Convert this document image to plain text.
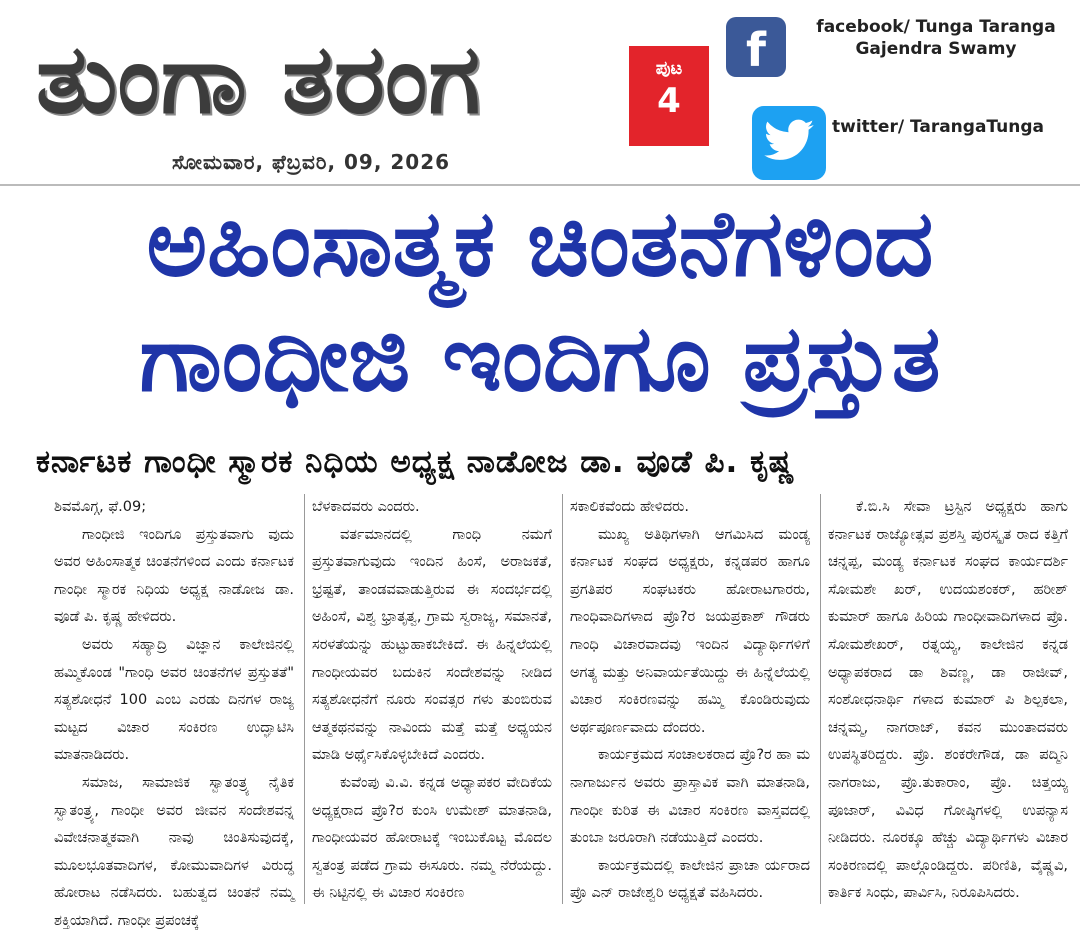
ತುಂಗಾ ತರಂಗ
ಸೋಮವಾರ, ಫೆಬ್ರವರಿ, 09, 2026
ಪುಟ
4
f	facebook/ Tunga Taranga Gajendra Swamy
twitter/ TarangaTunga
ಅಹಿಂಸಾತ್ಮಕ ಚಿಂತನೆಗಳಿಂದ
ಗಾಂಧೀಜಿ ಇಂದಿಗೂ ಪ್ರಸ್ತುತ
ಕರ್ನಾಟಕ ಗಾಂಧೀ ಸ್ಮಾರಕ ನಿಧಿಯ ಅಧ್ಯಕ್ಷ ನಾಡೋಜ ಡಾ. ವೂಡೆ ಪಿ. ಕೃಷ್ಣ

ಶಿವಮೊಗ್ಗ, ಫೆ.09;

ಗಾಂಧೀಜಿ ಇಂದಿಗೂ ಪ್ರಸ್ತುತವಾಗು ವುದು ಅವರ ಅಹಿಂಸಾತ್ಮಕ ಚಿಂತನೆಗಳಿಂದ ಎಂದು ಕರ್ನಾಟಕ ಗಾಂಧೀ ಸ್ಮಾರಕ ನಿಧಿಯ ಅಧ್ಯಕ್ಷ ನಾಡೋಜ ಡಾ. ವೂಡೆ ಪಿ. ಕೃಷ್ಣ ಹೇಳಿದರು.

ಅವರು ಸಹ್ಯಾದ್ರಿ ವಿಜ್ಞಾನ ಕಾಲೇಜಿನಲ್ಲಿ ಹಮ್ಮಿಕೊಂಡ "ಗಾಂಧಿ ಅವರ ಚಿಂತನೆಗಳ ಪ್ರಸ್ತುತತೆ" ಸತ್ಯಶೋಧನೆ 100 ಎಂಬ ಎರಡು ದಿನಗಳ ರಾಜ್ಯ ಮಟ್ಟದ ವಿಚಾರ ಸಂಕಿರಣ ಉದ್ಘಾಟಿಸಿ ಮಾತನಾಡಿದರು.

ಸಮಾಜ, ಸಾಮಾಜಿಕ ಸ್ವಾತಂತ್ರ್ಯ ನೈತಿಕ ಸ್ವಾತಂತ್ರ್ಯ, ಗಾಂಧೀ ಅವರ ಜೀವನ ಸಂದೇಶವನ್ನ ವಿವೇಚನಾತ್ಮಕವಾಗಿ ನಾವು ಚಿಂತಿಸುವುದಕ್ಕೆ, ಮೂಲಭೂತವಾದಿಗಳ, ಕೋಮುವಾದಿಗಳ ವಿರುದ್ಧ ಹೋರಾಟ ನಡೆಸಿದರು. ಬಹುತ್ವದ ಚಿಂತನೆ ನಮ್ಮ ಶಕ್ತಿಯಾಗಿದೆ. ಗಾಂಧೀ ಪ್ರಪಂಚಕ್ಕೆ

ಬೆಳಕಾದವರು ಎಂದರು.

ವರ್ತಮಾನದಲ್ಲಿ ಗಾಂಧಿ ನಮಗೆ ಪ್ರಸ್ತುತವಾಗುವುದು ಇಂದಿನ ಹಿಂಸೆ, ಅರಾಜಕತೆ, ಭ್ರಷ್ಟತೆ, ತಾಂಡವವಾಡುತ್ತಿರುವ ಈ ಸಂದರ್ಭದಲ್ಲಿ ಅಹಿಂಸೆ, ವಿಶ್ವ ಭ್ರಾತೃತ್ವ, ಗ್ರಾಮ ಸ್ವರಾಜ್ಯ, ಸಮಾನತೆ, ಸರಳತೆಯನ್ನು ಹುಟ್ಟುಹಾಕಬೇಕಿದೆ. ಈ ಹಿನ್ನಲೆಯಲ್ಲಿ ಗಾಂಧೀಯವರ ಬದುಕಿನ ಸಂದೇಶವನ್ನು ನೀಡಿದ ಸತ್ಯಶೋಧನೆಗೆ ನೂರು ಸಂವತ್ಸರ ಗಳು ತುಂಬಿರುವ ಆತ್ಮಕಥನವನ್ನು ನಾವಿಂದು ಮತ್ತೆ ಮತ್ತೆ ಅಧ್ಯಯನ ಮಾಡಿ ಅರ್ಥೈಸಿಕೊಳ್ಳಬೇಕಿದೆ ಎಂದರು.

ಕುವೆಂಪು ವಿ.ವಿ. ಕನ್ನಡ ಅಧ್ಯಾಪಕರ ವೇದಿಕೆಯ ಅಧ್ಯಕ್ಷರಾದ ಪ್ರೊ?ರ ಕುಂಸಿ ಉಮೇಶ್ ಮಾತನಾಡಿ, ಗಾಂಧೀಯವರ ಹೋರಾಟಕ್ಕೆ ಇಂಬುಕೊಟ್ಟ ಮೊದಲ ಸ್ವತಂತ್ರ ಪಡೆದ ಗ್ರಾಮ ಈಸೂರು. ನಮ್ಮ ನೆರೆಯದ್ದು. ಈ ನಿಟ್ಟಿನಲ್ಲಿ ಈ ವಿಚಾರ ಸಂಕಿರಣ

ಸಕಾಲಿಕವೆಂದು ಹೇಳಿದರು.

ಮುಖ್ಯ ಅತಿಥಿಗಳಾಗಿ ಆಗಮಿಸಿದ ಮಂಡ್ಯ ಕರ್ನಾಟಕ ಸಂಘದ ಅಧ್ಯಕ್ಷರು, ಕನ್ನಡಪರ ಹಾಗೂ ಪ್ರಗತಿಪರ ಸಂಘಟಕರು ಹೋರಾಟಗಾರರು, ಗಾಂಧಿವಾದಿಗಳಾದ ಪ್ರೊ?ರ ಜಯಪ್ರಕಾಶ್ ಗೌಡರು ಗಾಂಧಿ ವಿಚಾರವಾದವು ಇಂದಿನ ವಿದ್ಯಾರ್ಥಿಗಳಿಗೆ ಅಗತ್ಯ ಮತ್ತು ಅನಿವಾರ್ಯತೆಯಿದ್ದು ಈ ಹಿನ್ನೆಲೆಯಲ್ಲಿ ವಿಚಾರ ಸಂಕಿರಣವನ್ನು ಹಮ್ಮಿ ಕೊಂಡಿರುವುದು ಅರ್ಥಪೂರ್ಣವಾದು ದೆಂದರು.

ಕಾರ್ಯಕ್ರಮದ ಸಂಚಾಲಕರಾದ ಪ್ರೊ?ರ ಹಾ ಮ ನಾಗಾರ್ಜುನ ಅವರು ಪ್ರಾಸ್ತಾವಿಕ ವಾಗಿ ಮಾತನಾಡಿ, ಗಾಂಧೀ ಕುರಿತ ಈ ವಿಚಾರ ಸಂಕಿರಣ ವಾಸ್ತವದಲ್ಲಿ ತುಂಬಾ ಜರೂರಾಗಿ ನಡೆಯುತ್ತಿದೆ ಎಂದರು.

ಕಾರ್ಯಕ್ರಮದಲ್ಲಿ ಕಾಲೇಜಿನ ಪ್ರಾಚಾ ರ್ಯರಾದ ಪ್ರೊ ಎನ್ ರಾಜೇಶ್ವರಿ ಅಧ್ಯಕ್ಷತೆ ವಹಿಸಿದರು.

ಕೆ.ಬಿ.ಸಿ ಸೇವಾ ಟ್ರಸ್ಟಿನ ಅಧ್ಯಕ್ಷರು ಹಾಗು ಕರ್ನಾಟಕ ರಾಜ್ಯೋತ್ಸವ ಪ್ರಶಸ್ತಿ ಪುರಸ್ಕೃತ ರಾದ ಕತ್ತಿಗೆ ಚನ್ನಪ್ಪ, ಮಂಡ್ಯ ಕರ್ನಾಟಕ ಸಂಘದ ಕಾರ್ಯದರ್ಶಿ ಸೋಮಶೇ ಖರ್, ಉದಯಶಂಕರ್, ಹರೀಶ್ ಕುಮಾರ್ ಹಾಗೂ ಹಿರಿಯ ಗಾಂಧೀವಾದಿಗಳಾದ ಪ್ರೊ. ಸೋಮಶೇಖರ್, ರತ್ನಯ್ಯ, ಕಾಲೇಜಿನ ಕನ್ನಡ ಅಧ್ಯಾಪಕರಾದ ಡಾ ಶಿವಣ್ಣ, ಡಾ ರಾಜೀವ್, ಸಂಶೋಧನಾರ್ಥಿ ಗಳಾದ ಕುಮಾರ್ ಪಿ ಶಿಲ್ಪಕಲಾ, ಚನ್ನಮ್ಮ, ನಾಗರಾಜ್, ಕವನ ಮುಂತಾದವರು ಉಪಸ್ಥಿತರಿದ್ದರು. ಪ್ರೊ. ಶಂಕರೇಗೌಡ, ಡಾ ಪದ್ಮಿನಿ ನಾಗರಾಜು, ಪ್ರೊ.ತುಕಾರಾಂ, ಪ್ರೊ. ಚಿತ್ತಯ್ಯ ಪೂಜಾರ್, ವಿವಿಧ ಗೋಷ್ಠಿಗಳಲ್ಲಿ ಉಪನ್ಯಾಸ ನೀಡಿದರು. ನೂರಕ್ಕೂ ಹೆಚ್ಚು ವಿದ್ಯಾರ್ಥಿಗಳು ವಿಚಾರ ಸಂಕಿರಣದಲ್ಲಿ ಪಾಲ್ಗೊಂಡಿದ್ದರು. ಪರಿಣಿತಿ, ವೈಷ್ಣವಿ, ಕಾರ್ತಿಕ ಸಿಂಧು, ಪಾರ್ವಿಸಿ, ನಿರೂಪಿಸಿದರು.
